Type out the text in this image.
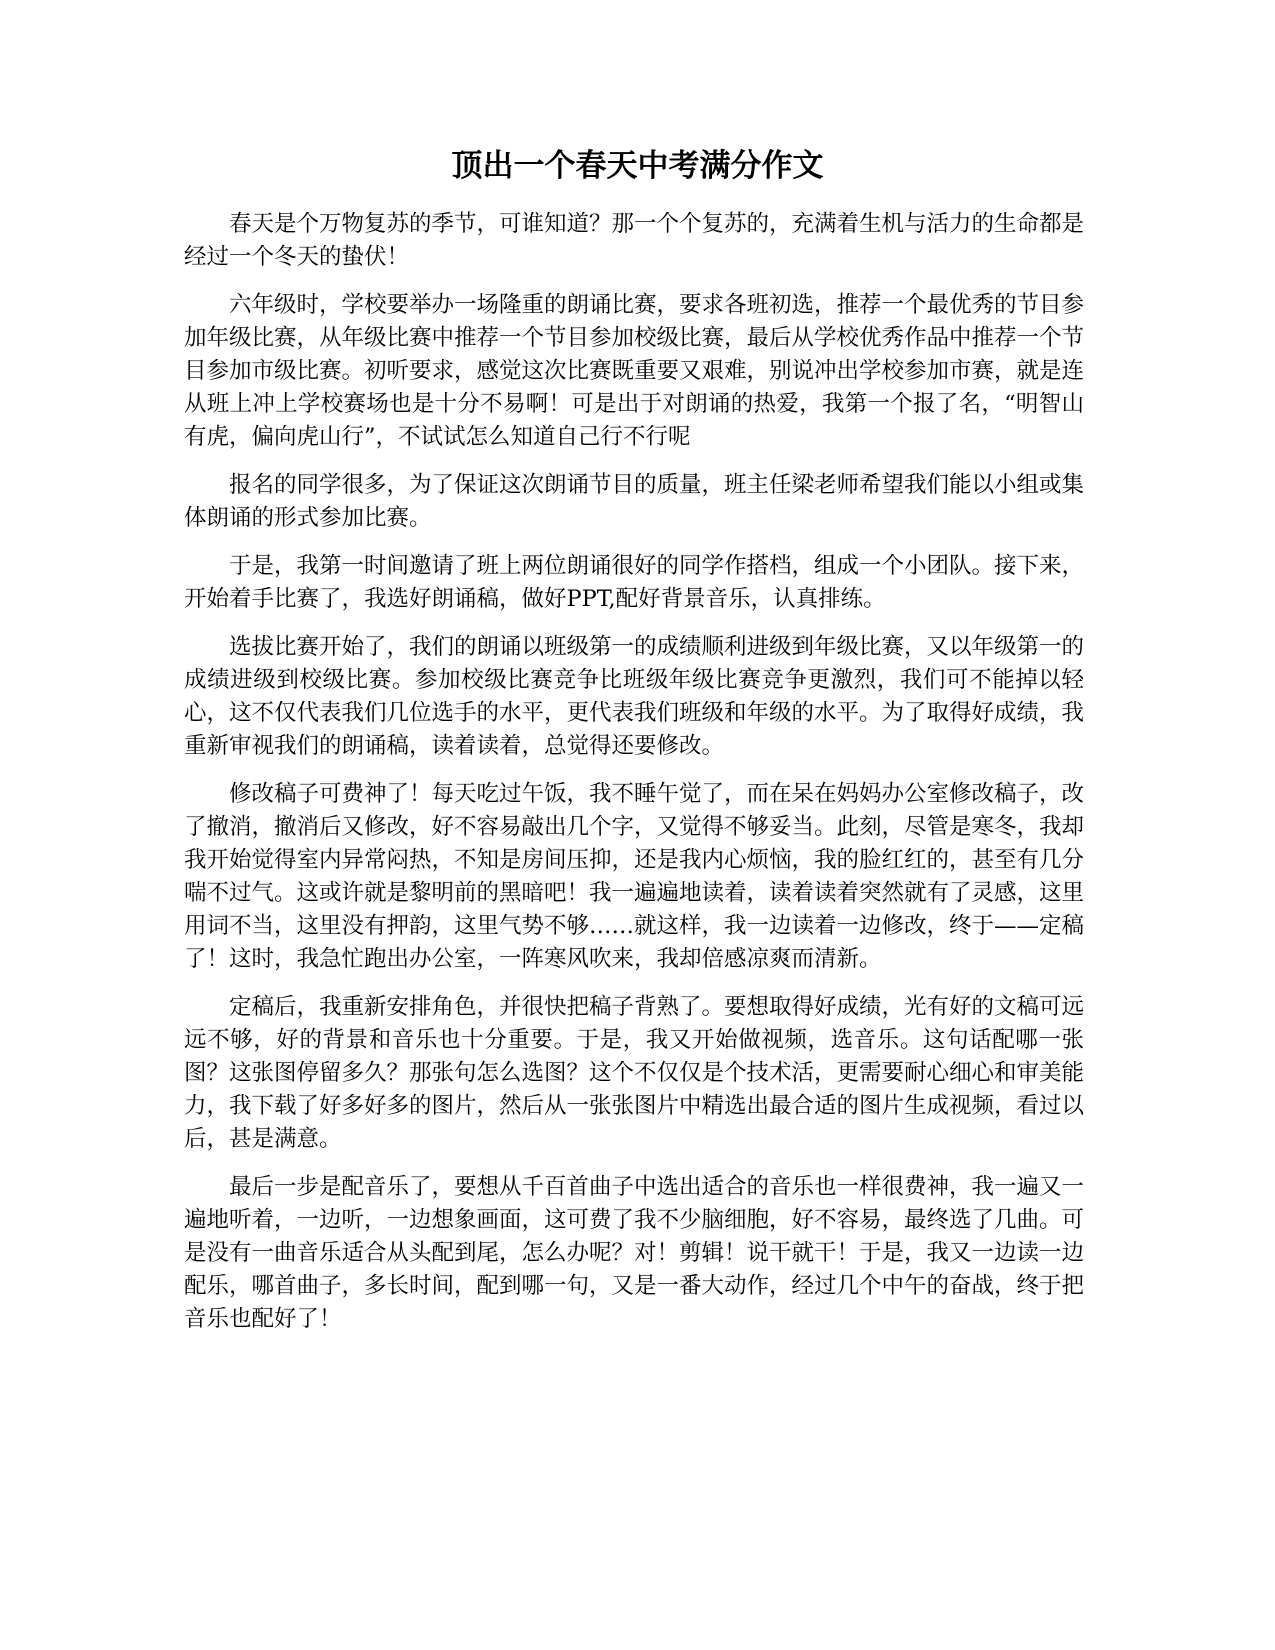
顶出一个春天中考满分作文

春天是个万物复苏的季节，可谁知道？那一个个复苏的，充满着生机与活力的生命都是经过一个冬天的蛰伏！

六年级时，学校要举办一场隆重的朗诵比赛，要求各班初选，推荐一个最优秀的节目参加年级比赛，从年级比赛中推荐一个节目参加校级比赛，最后从学校优秀作品中推荐一个节目参加市级比赛。初听要求，感觉这次比赛既重要又艰难，别说冲出学校参加市赛，就是连从班上冲上学校赛场也是十分不易啊！可是出于对朗诵的热爱，我第一个报了名，“明智山有虎，偏向虎山行”，不试试怎么知道自己行不行呢

报名的同学很多，为了保证这次朗诵节目的质量，班主任梁老师希望我们能以小组或集体朗诵的形式参加比赛。

于是，我第一时间邀请了班上两位朗诵很好的同学作搭档，组成一个小团队。接下来，开始着手比赛了，我选好朗诵稿，做好PPT,配好背景音乐，认真排练。

选拔比赛开始了，我们的朗诵以班级第一的成绩顺利进级到年级比赛，又以年级第一的成绩进级到校级比赛。参加校级比赛竞争比班级年级比赛竞争更激烈，我们可不能掉以轻心，这不仅代表我们几位选手的水平，更代表我们班级和年级的水平。为了取得好成绩，我重新审视我们的朗诵稿，读着读着，总觉得还要修改。

修改稿子可费神了！每天吃过午饭，我不睡午觉了，而在呆在妈妈办公室修改稿子，改了撤消，撤消后又修改，好不容易敲出几个字，又觉得不够妥当。此刻，尽管是寒冬，我却我开始觉得室内异常闷热，不知是房间压抑，还是我内心烦恼，我的脸红红的，甚至有几分喘不过气。这或许就是黎明前的黑暗吧！我一遍遍地读着，读着读着突然就有了灵感，这里用词不当，这里没有押韵，这里气势不够……就这样，我一边读着一边修改，终于——定稿了！这时，我急忙跑出办公室，一阵寒风吹来，我却倍感凉爽而清新。

定稿后，我重新安排角色，并很快把稿子背熟了。要想取得好成绩，光有好的文稿可远远不够，好的背景和音乐也十分重要。于是，我又开始做视频，选音乐。这句话配哪一张图？这张图停留多久？那张句怎么选图？这个不仅仅是个技术活，更需要耐心细心和审美能力，我下载了好多好多的图片，然后从一张张图片中精选出最合适的图片生成视频，看过以后，甚是满意。

最后一步是配音乐了，要想从千百首曲子中选出适合的音乐也一样很费神，我一遍又一遍地听着，一边听，一边想象画面，这可费了我不少脑细胞，好不容易，最终选了几曲。可是没有一曲音乐适合从头配到尾，怎么办呢？对！剪辑！说干就干！于是，我又一边读一边配乐，哪首曲子，多长时间，配到哪一句，又是一番大动作，经过几个中午的奋战，终于把音乐也配好了！
